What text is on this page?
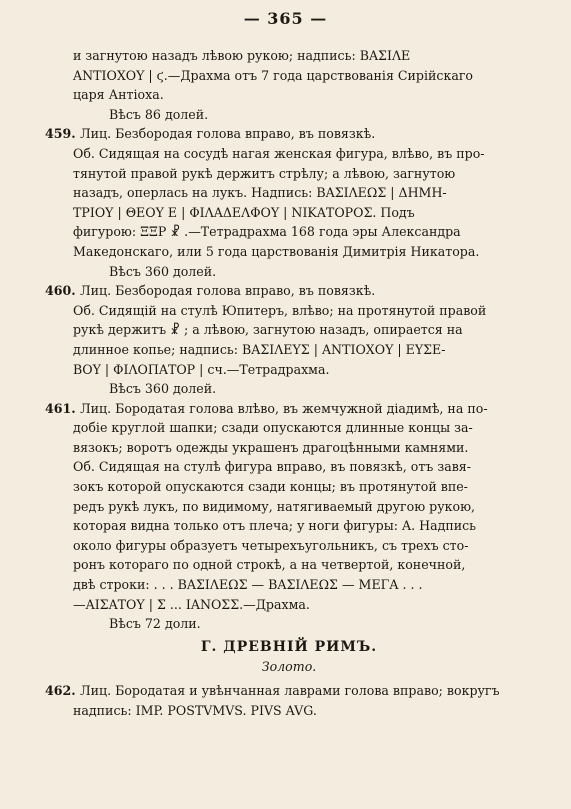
— 365 —
и загнутою назадъ лѣвою рукою; надпись: ΒΑΣΙΛΕ
ΑΝΤΙΟΧΟΥ | ϛ.—Драхма отъ 7 года царствованія Сирійскаго
царя Антіоха.
Вѣсъ 86 долей.
459. Лиц. Безбородая голова вправо, въ повязкѣ.
Об. Сидящая на сосудѣ нагая женская фигура, влѣво, въ про-
тянутой правой рукѣ держитъ стрѣлу; а лѣвою, загнутою
назадъ, оперлась на лукъ. Надпись: ΒΑΣΙΛΕΩΣ | ΔΗΜΗ-
ΤΡΙΟΥ | ΘΕΟΥ Ε | ΦΙΛΑΔΕΛΦΟΥ | ΝΙΚΑΤΟΡΟΣ. Подъ
фигурою: ΞΞΡ ☧ .—Тетрадрахма 168 года эры Александра
Македонскаго, или 5 года царствованія Димитрія Никатора.
Вѣсъ 360 долей.
460. Лиц. Безбородая голова вправо, въ повязкѣ.
Об. Сидящій на стулѣ Юпитеръ, влѣво; на протянутой правой
рукѣ держитъ ☧ ; а лѣвою, загнутою назадъ, опирается на
длинное копье; надпись: ΒΑΣΙΛΕΥΣ | ΑΝΤΙΟΧΟΥ | ΕΥΣΕ-
ΒΟΥ | ΦΙΛΟΠΑΤΟΡ | сч.—Тетрадрахма.
Вѣсъ 360 долей.
461. Лиц. Бородатая голова влѣво, въ жемчужной діадимѣ, на по-
добіе круглой шапки; сзади опускаются длинные концы за-
вязокъ; воротъ одежды украшенъ драгоцѣнными камнями.
Об. Сидящая на стулѣ фигура вправо, въ повязкѣ, отъ завя-
зокъ которой опускаются сзади концы; въ протянутой впе-
редъ рукѣ лукъ, по видимому, натягиваемый другою рукою,
которая видна только отъ плеча; у ноги фигуры: Α. Надпись
около фигуры образуетъ четырехъугольникъ, съ трехъ сто-
ронъ котораго по одной строкѣ, а на четвертой, конечной,
двѣ строки: . . . ΒΑΣΙΛΕΩΣ — ΒΑΣΙΛΕΩΣ — ΜΕΓΑ . . .
—ΑΙΣΑΤΟΥ | Σ ... ΙΑΝΟΣΣ.—Драхма.
Вѣсъ 72 доли.
Г. ДРЕВНІЙ РИМЪ.
Золото.
462. Лиц. Бородатая и увѣнчанная лаврами голова вправо; вокругъ
надпись: IMP. POSTVMVS. PIVS AVG.
